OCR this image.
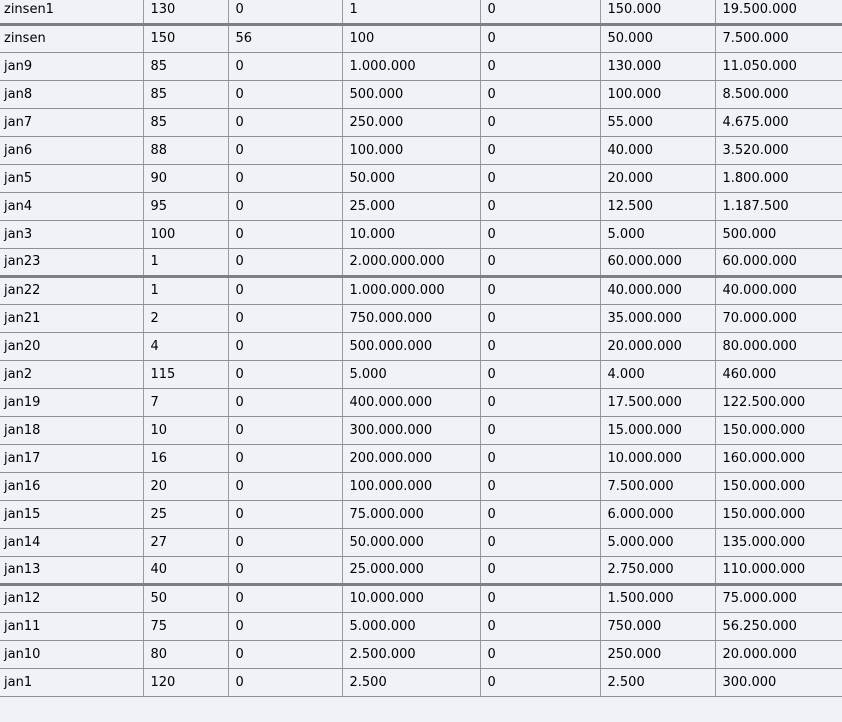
zinsen1	130	0	1	0	150.000	19.500.000
zinsen	150	56	100	0	50.000	7.500.000
jan9	85	0	1.000.000	0	130.000	11.050.000
jan8	85	0	500.000	0	100.000	8.500.000
jan7	85	0	250.000	0	55.000	4.675.000
jan6	88	0	100.000	0	40.000	3.520.000
jan5	90	0	50.000	0	20.000	1.800.000
jan4	95	0	25.000	0	12.500	1.187.500
jan3	100	0	10.000	0	5.000	500.000
jan23	1	0	2.000.000.000	0	60.000.000	60.000.000
jan22	1	0	1.000.000.000	0	40.000.000	40.000.000
jan21	2	0	750.000.000	0	35.000.000	70.000.000
jan20	4	0	500.000.000	0	20.000.000	80.000.000
jan2	115	0	5.000	0	4.000	460.000
jan19	7	0	400.000.000	0	17.500.000	122.500.000
jan18	10	0	300.000.000	0	15.000.000	150.000.000
jan17	16	0	200.000.000	0	10.000.000	160.000.000
jan16	20	0	100.000.000	0	7.500.000	150.000.000
jan15	25	0	75.000.000	0	6.000.000	150.000.000
jan14	27	0	50.000.000	0	5.000.000	135.000.000
jan13	40	0	25.000.000	0	2.750.000	110.000.000
jan12	50	0	10.000.000	0	1.500.000	75.000.000
jan11	75	0	5.000.000	0	750.000	56.250.000
jan10	80	0	2.500.000	0	250.000	20.000.000
jan1	120	0	2.500	0	2.500	300.000
